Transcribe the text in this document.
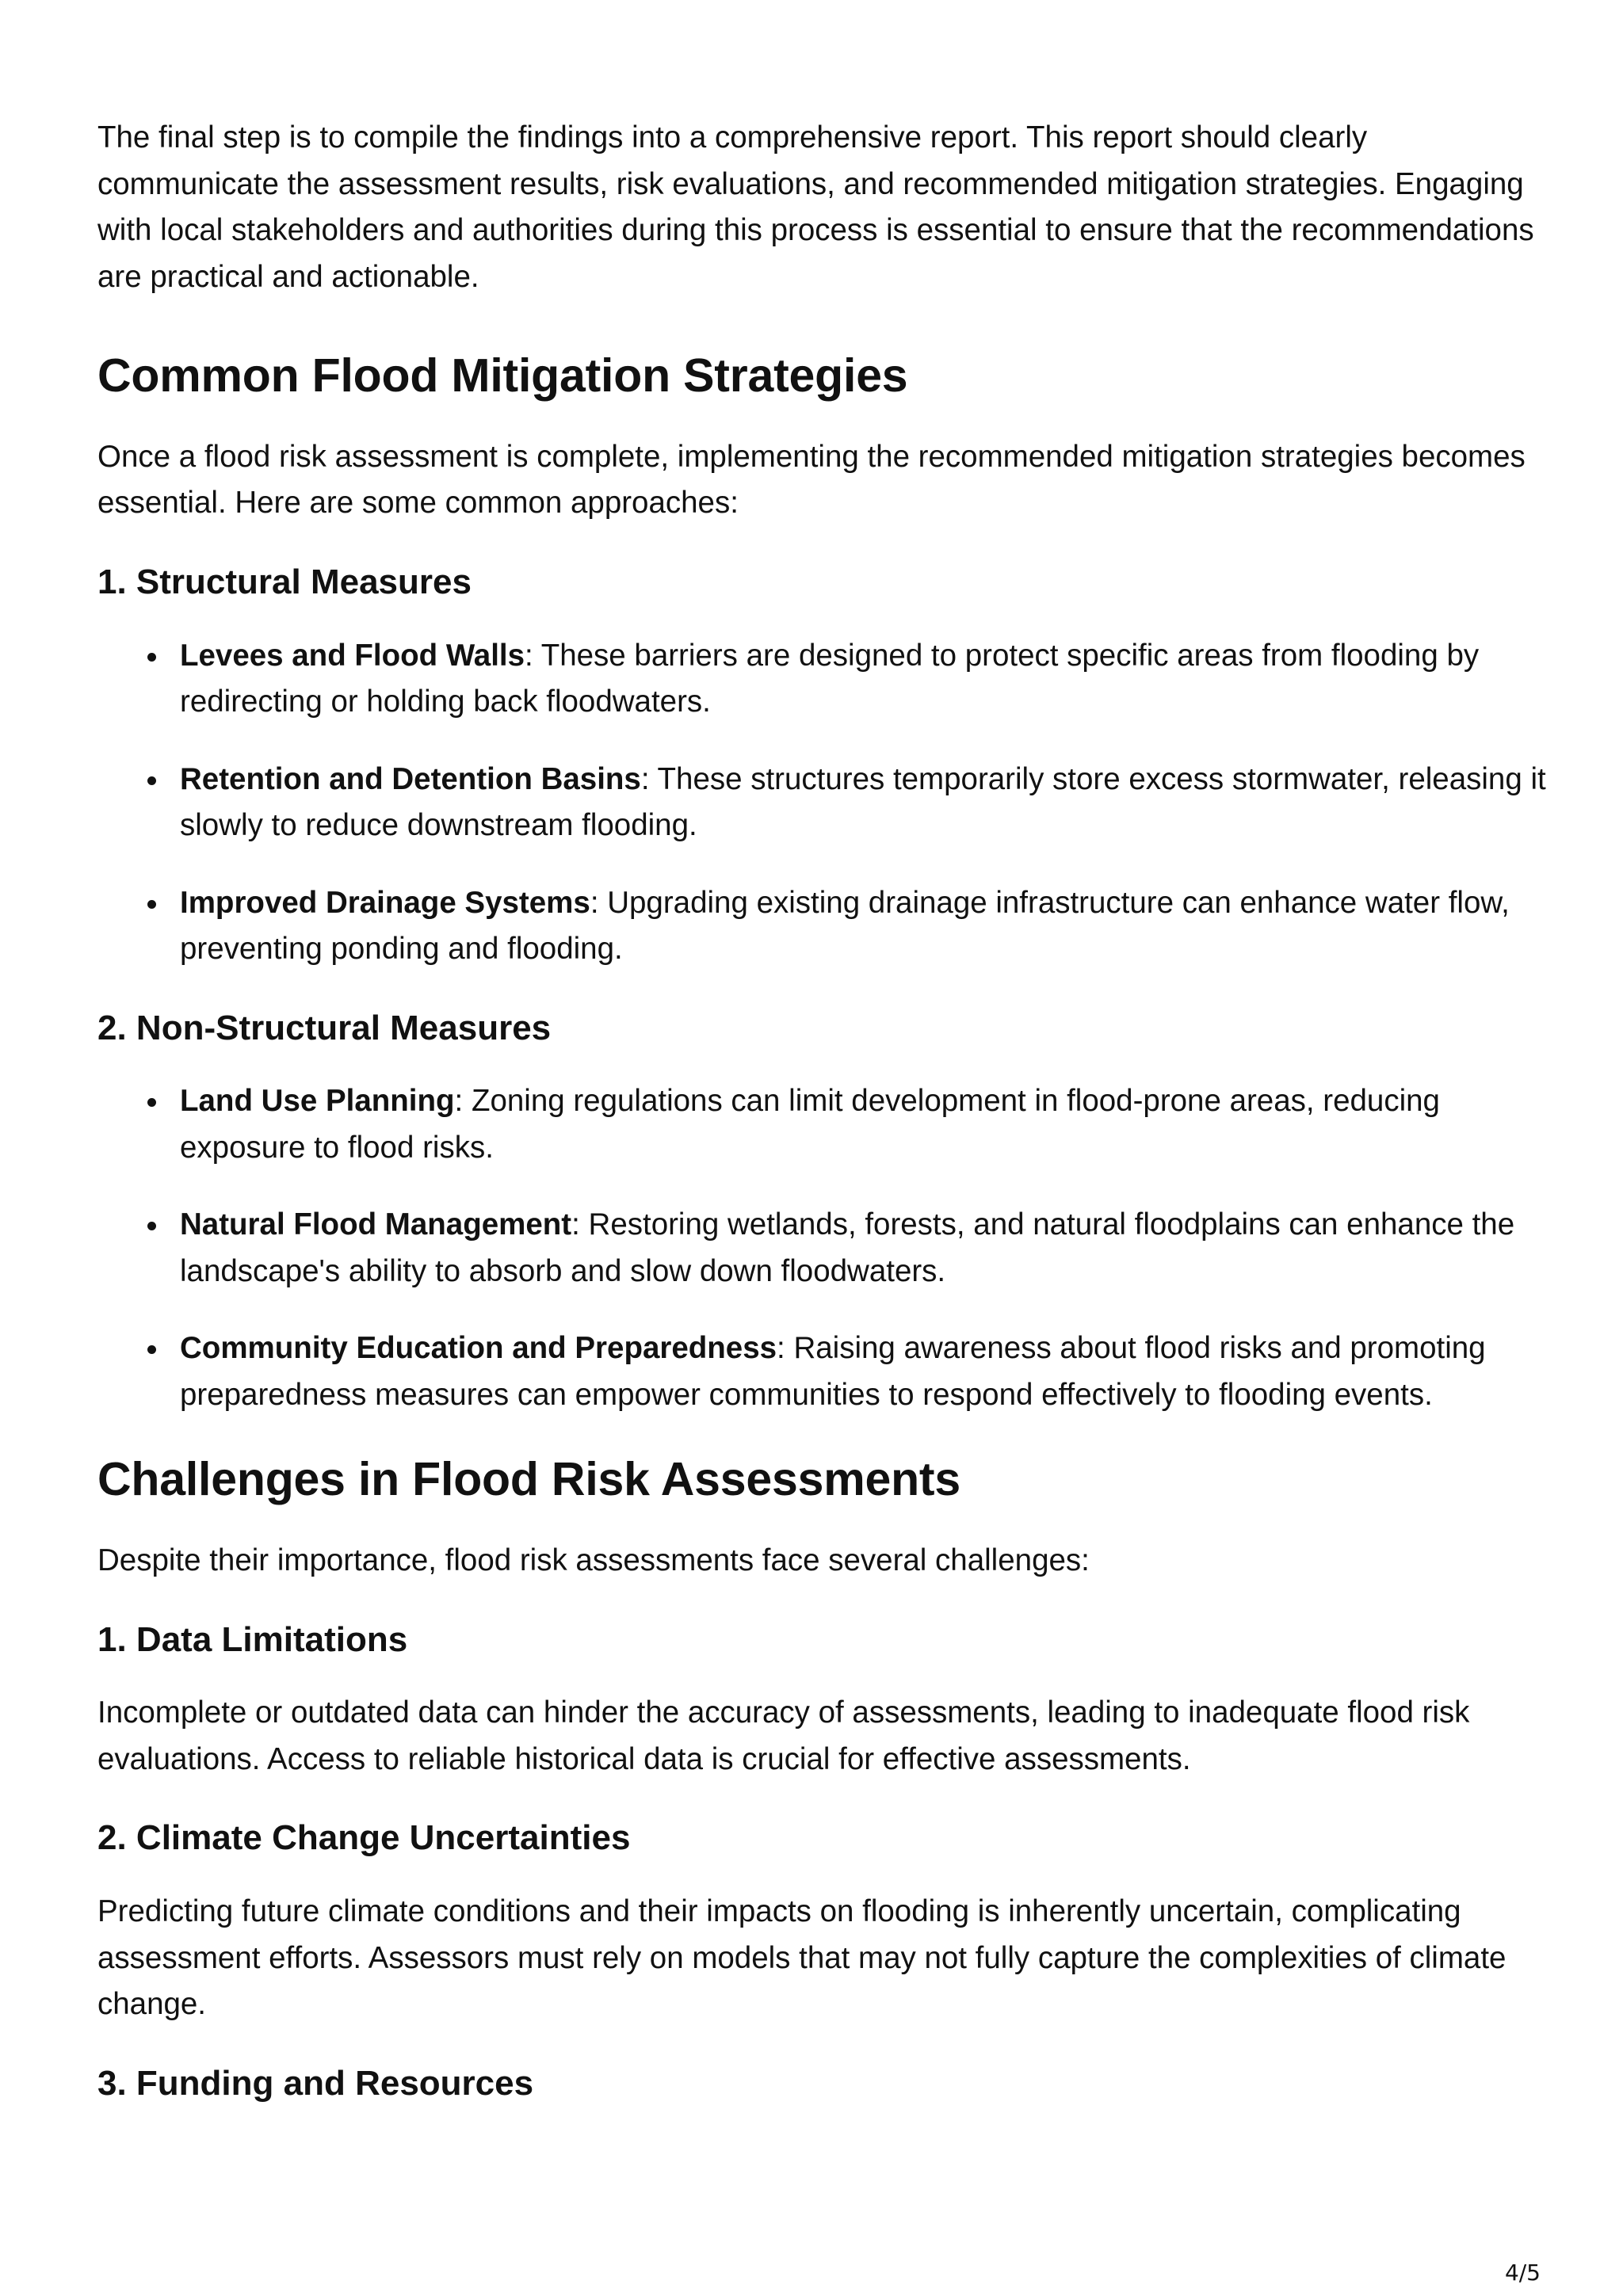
The final step is to compile the findings into a comprehensive report. This report should clearly communicate the assessment results, risk evaluations, and recommended mitigation strategies. Engaging with local stakeholders and authorities during this process is essential to ensure that the recommendations are practical and actionable.

Common Flood Mitigation Strategies

Once a flood risk assessment is complete, implementing the recommended mitigation strategies becomes essential. Here are some common approaches:

1. Structural Measures
Levees and Flood Walls: These barriers are designed to protect specific areas from flooding by redirecting or holding back floodwaters.
Retention and Detention Basins: These structures temporarily store excess stormwater, releasing it slowly to reduce downstream flooding.
Improved Drainage Systems: Upgrading existing drainage infrastructure can enhance water flow, preventing ponding and flooding.
2. Non-Structural Measures
Land Use Planning: Zoning regulations can limit development in flood-prone areas, reducing exposure to flood risks.
Natural Flood Management: Restoring wetlands, forests, and natural floodplains can enhance the landscape's ability to absorb and slow down floodwaters.
Community Education and Preparedness: Raising awareness about flood risks and promoting preparedness measures can empower communities to respond effectively to flooding events.
Challenges in Flood Risk Assessments

Despite their importance, flood risk assessments face several challenges:

1. Data Limitations

Incomplete or outdated data can hinder the accuracy of assessments, leading to inadequate flood risk evaluations. Access to reliable historical data is crucial for effective assessments.

2. Climate Change Uncertainties

Predicting future climate conditions and their impacts on flooding is inherently uncertain, complicating assessment efforts. Assessors must rely on models that may not fully capture the complexities of climate change.

3. Funding and Resources
4/5
